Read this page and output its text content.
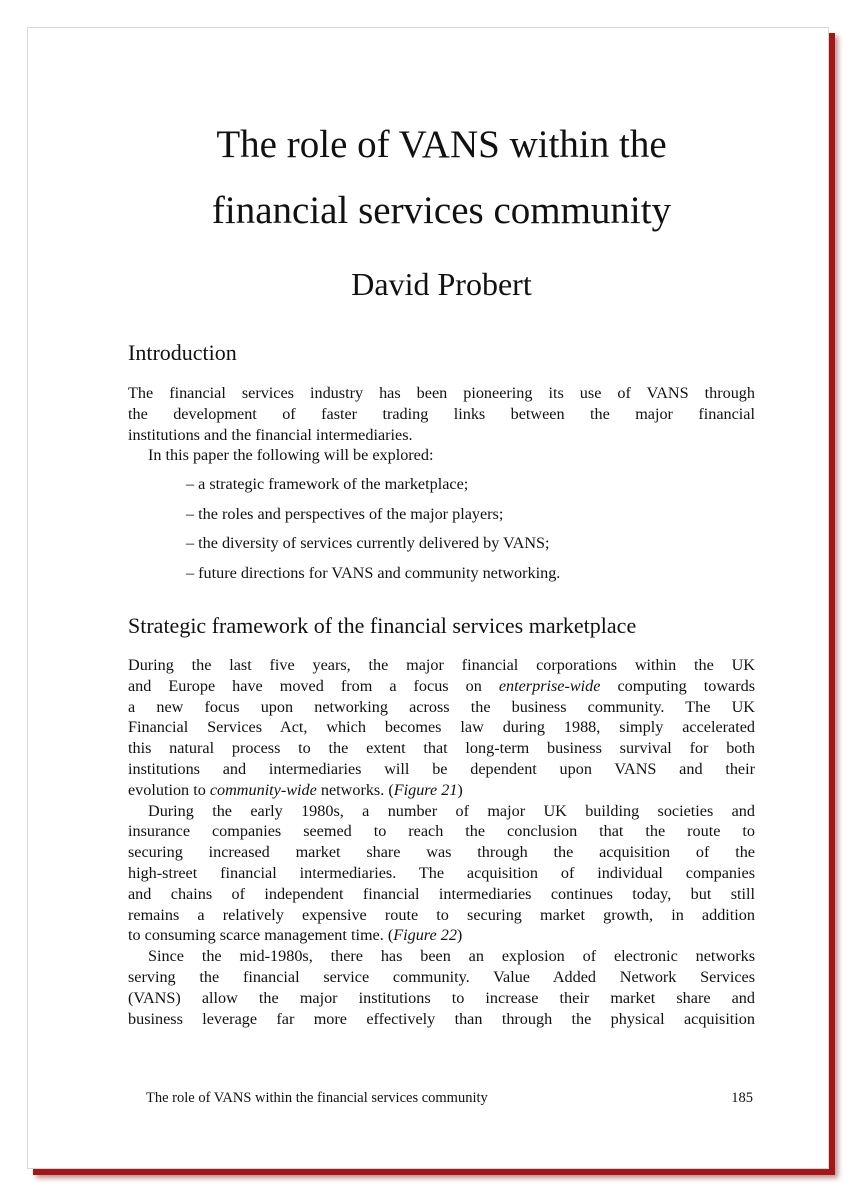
The role of VANS within the
financial services community
David Probert
Introduction
The financial services industry has been pioneering its use of VANS through
the development of faster trading links between the major financial
institutions and the financial intermediaries.
In this paper the following will be explored:
– a strategic framework of the marketplace;
– the roles and perspectives of the major players;
– the diversity of services currently delivered by VANS;
– future directions for VANS and community networking.
Strategic framework of the financial services marketplace
During the last five years, the major financial corporations within the UK
and Europe have moved from a focus on enterprise-wide computing towards
a new focus upon networking across the business community. The UK
Financial Services Act, which becomes law during 1988, simply accelerated
this natural process to the extent that long-term business survival for both
institutions and intermediaries will be dependent upon VANS and their
evolution to community-wide networks. (Figure 21)
During the early 1980s, a number of major UK building societies and
insurance companies seemed to reach the conclusion that the route to
securing increased market share was through the acquisition of the
high-street financial intermediaries. The acquisition of individual companies
and chains of independent financial intermediaries continues today, but still
remains a relatively expensive route to securing market growth, in addition
to consuming scarce management time. (Figure 22)
Since the mid-1980s, there has been an explosion of electronic networks
serving the financial service community. Value Added Network Services
(VANS) allow the major institutions to increase their market share and
business leverage far more effectively than through the physical acquisition
The role of VANS within the financial services community	185
